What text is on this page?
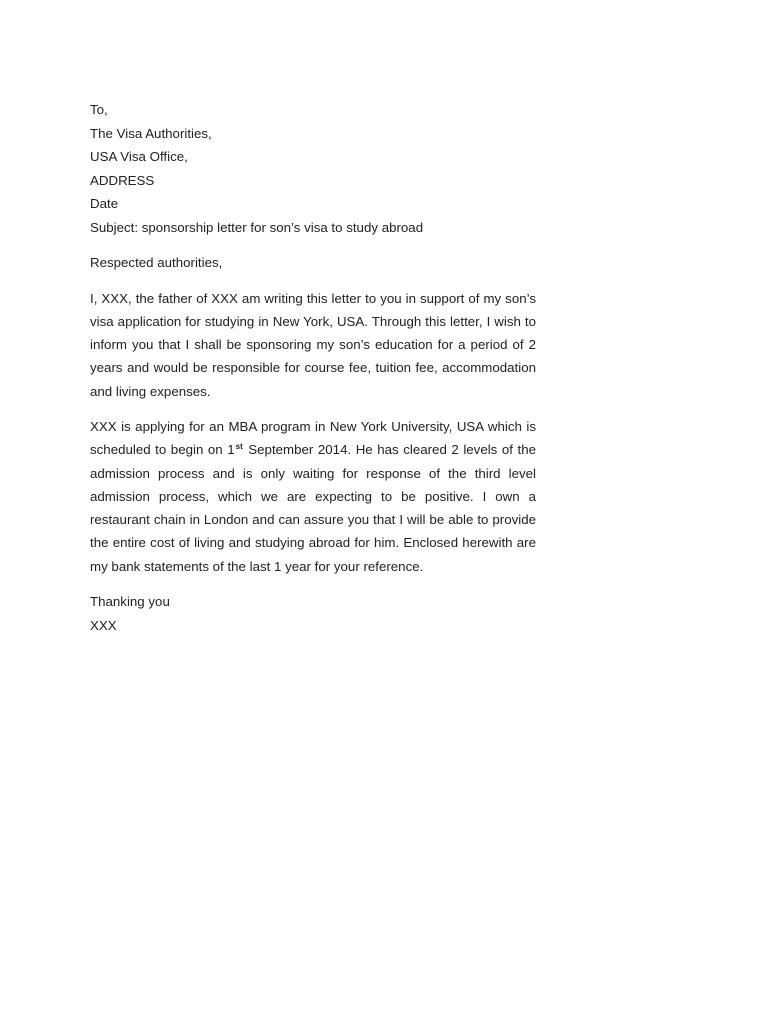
To,

The Visa Authorities,

USA Visa Office,

ADDRESS

Date

Subject: sponsorship letter for son’s visa to study abroad

Respected authorities,

I, XXX, the father of XXX am writing this letter to you in support of my son’s visa application for studying in New York, USA. Through this letter, I wish to inform you that I shall be sponsoring my son’s education for a period of 2 years and would be responsible for course fee, tuition fee, accommodation and living expenses.

XXX is applying for an MBA program in New York University, USA which is scheduled to begin on 1st September 2014. He has cleared 2 levels of the admission process and is only waiting for response of the third level admission process, which we are expecting to be positive. I own a restaurant chain in London and can assure you that I will be able to provide the entire cost of living and studying abroad for him. Enclosed herewith are my bank statements of the last 1 year for your reference.

Thanking you

XXX
